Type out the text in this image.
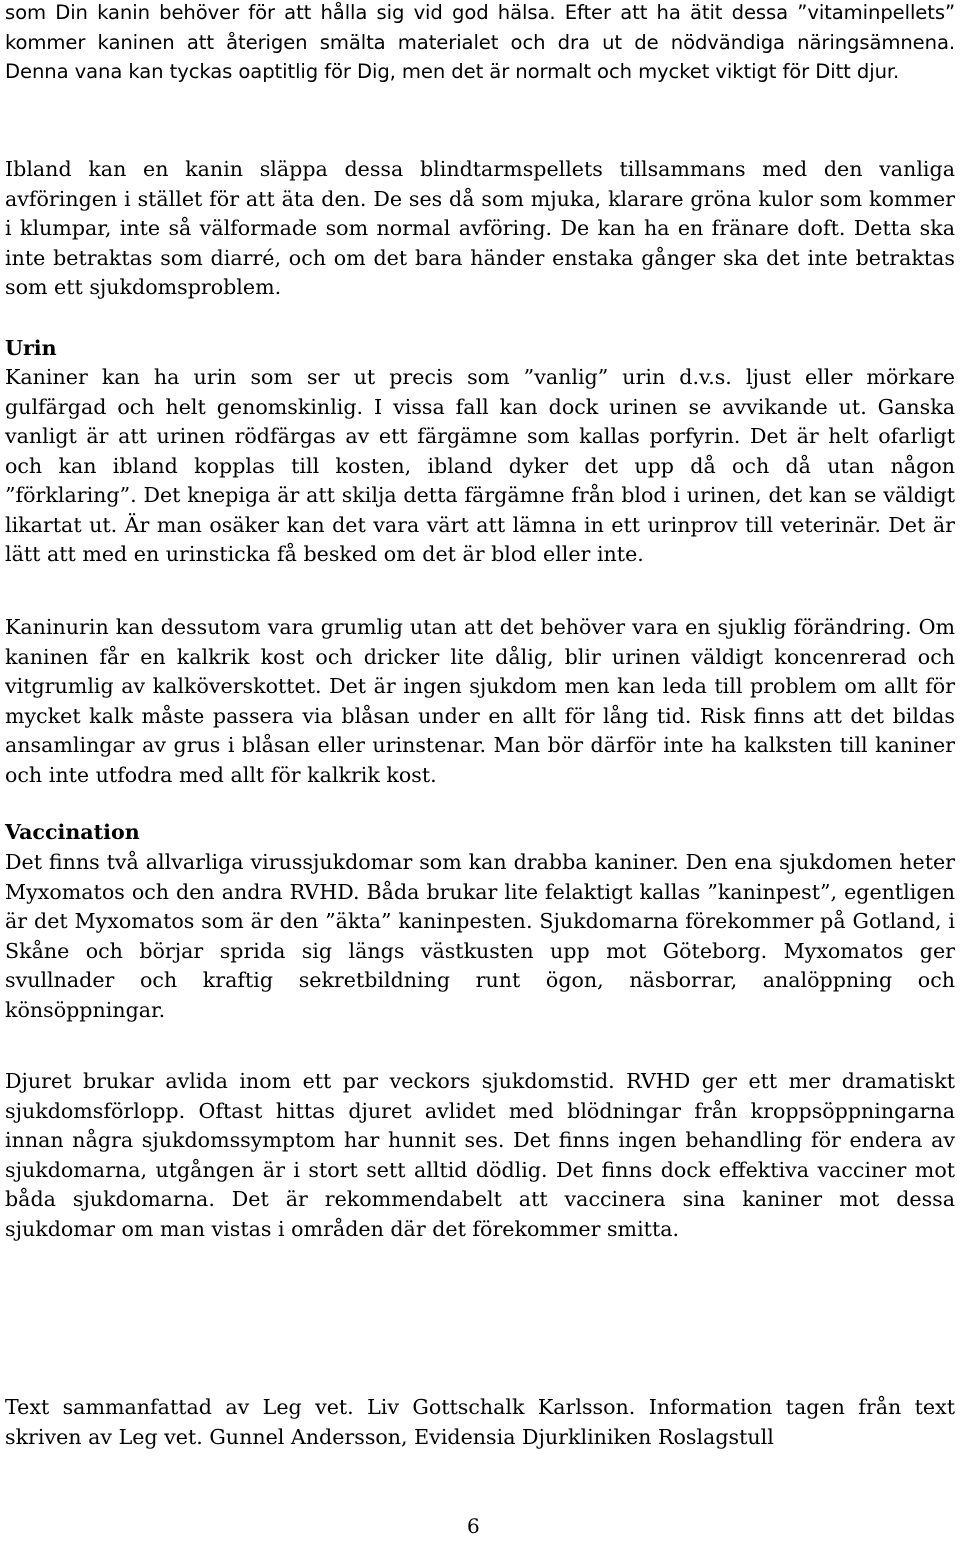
som Din kanin behöver för att hålla sig vid god hälsa. Efter att ha ätit dessa ”vitaminpellets” kommer kaninen att återigen smälta materialet och dra ut de nödvändiga näringsämnena. Denna vana kan tyckas oaptitlig för Dig, men det är normalt och mycket viktigt för Ditt djur.

Ibland kan en kanin släppa dessa blindtarmspellets tillsammans med den vanliga avföringen i stället för att äta den. De ses då som mjuka, klarare gröna kulor som kommer i klumpar, inte så välformade som normal avföring. De kan ha en fränare doft. Detta ska inte betraktas som diarré, och om det bara händer enstaka gånger ska det inte betraktas som ett sjukdomsproblem.

Urin

Kaniner kan ha urin som ser ut precis som ”vanlig” urin d.v.s. ljust eller mörkare gulfärgad och helt genomskinlig. I vissa fall kan dock urinen se avvikande ut. Ganska vanligt är att urinen rödfärgas av ett färgämne som kallas porfyrin. Det är helt ofarligt och kan ibland kopplas till kosten, ibland dyker det upp då och då utan någon ”förklaring”. Det knepiga är att skilja detta färgämne från blod i urinen, det kan se väldigt likartat ut. Är man osäker kan det vara värt att lämna in ett urinprov till veterinär. Det är lätt att med en urinsticka få besked om det är blod eller inte.

Kaninurin kan dessutom vara grumlig utan att det behöver vara en sjuklig förändring. Om kaninen får en kalkrik kost och dricker lite dålig, blir urinen väldigt koncenrerad och vitgrumlig av kalköverskottet. Det är ingen sjukdom men kan leda till problem om allt för mycket kalk måste passera via blåsan under en allt för lång tid. Risk finns att det bildas ansamlingar av grus i blåsan eller urinstenar. Man bör därför inte ha kalksten till kaniner och inte utfodra med allt för kalkrik kost.

Vaccination

Det finns två allvarliga virussjukdomar som kan drabba kaniner. Den ena sjukdomen heter Myxomatos och den andra RVHD. Båda brukar lite felaktigt kallas ”kaninpest”, egentligen är det Myxomatos som är den ”äkta” kaninpesten. Sjukdomarna förekommer på Gotland, i Skåne och börjar sprida sig längs västkusten upp mot Göteborg. Myxomatos ger svullnader och kraftig sekretbildning runt ögon, näsborrar, analöppning och könsöppningar.

Djuret brukar avlida inom ett par veckors sjukdomstid. RVHD ger ett mer dramatiskt sjukdomsförlopp. Oftast hittas djuret avlidet med blödningar från kroppsöppningarna innan några sjukdomssymptom har hunnit ses. Det finns ingen behandling för endera av sjukdomarna, utgången är i stort sett alltid dödlig. Det finns dock effektiva vacciner mot båda sjukdomarna. Det är rekommendabelt att vaccinera sina kaniner mot dessa sjukdomar om man vistas i områden där det förekommer smitta.

Text sammanfattad av Leg vet. Liv Gottschalk Karlsson. Information tagen från text skriven av Leg vet. Gunnel Andersson, Evidensia Djurkliniken Roslagstull

6
